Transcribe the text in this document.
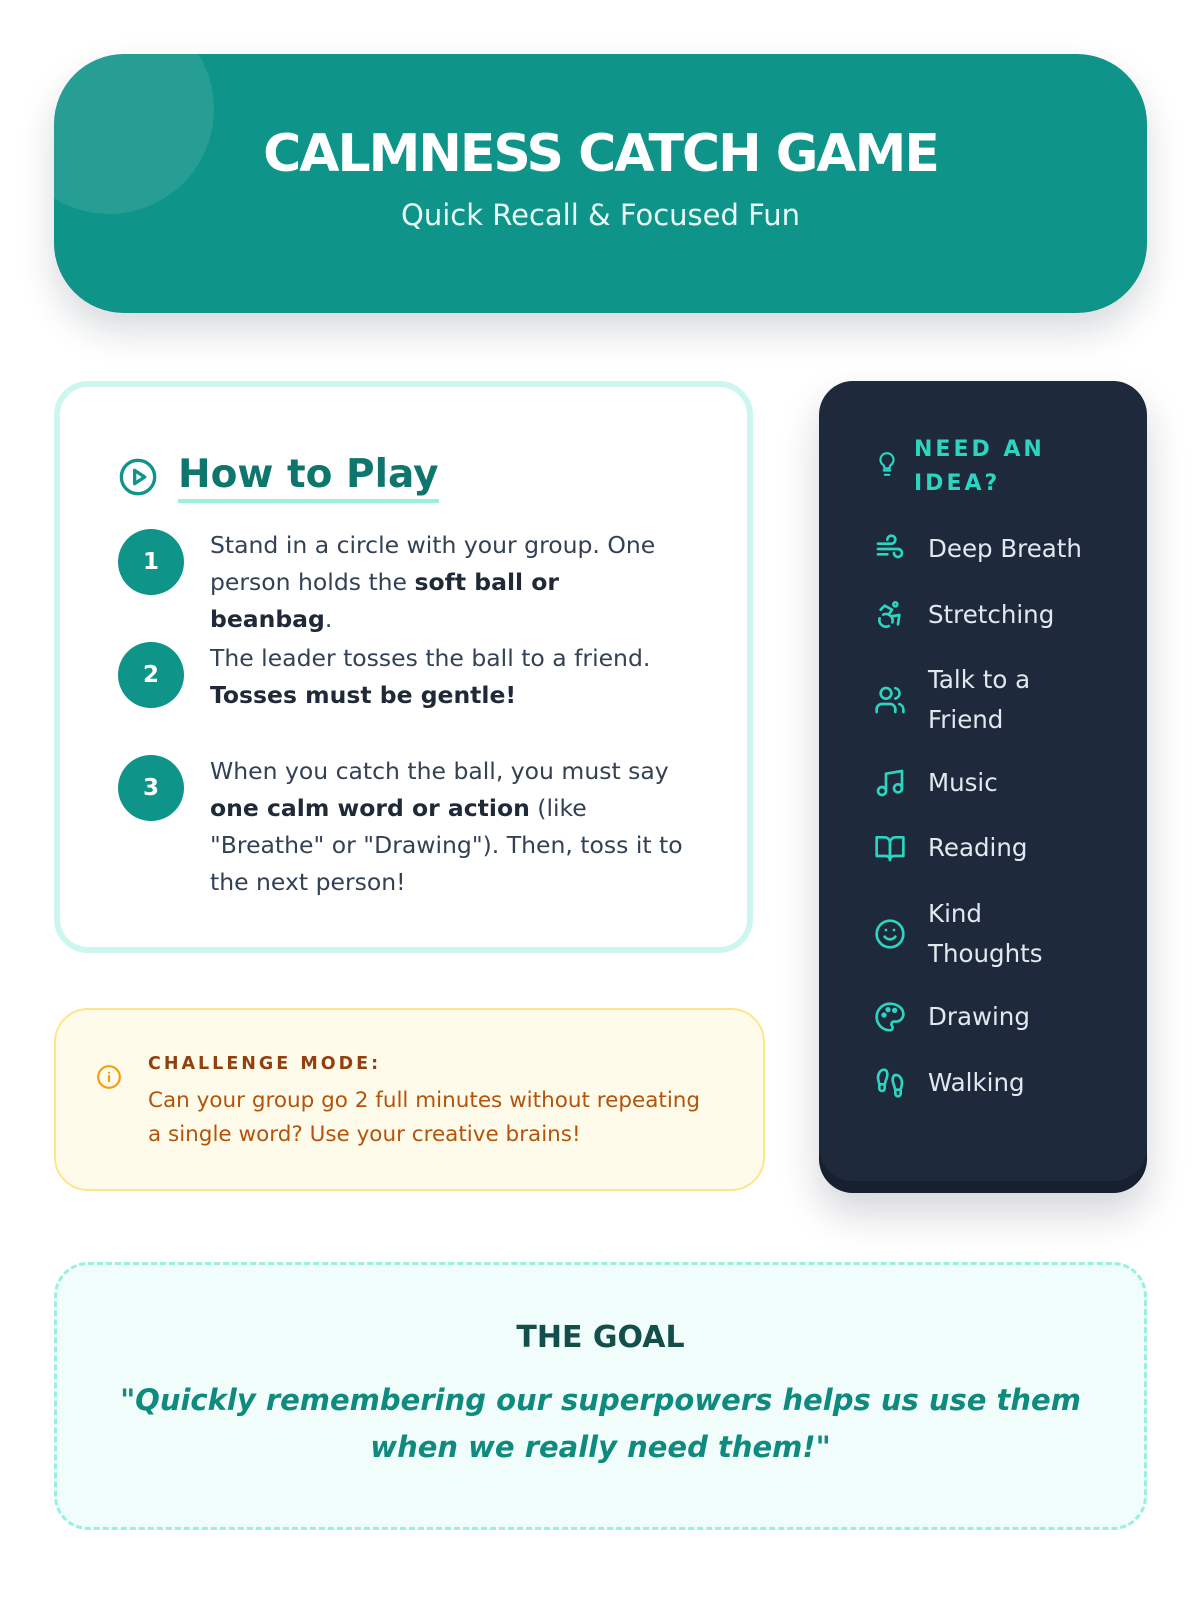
CALMNESS CATCH GAME
Quick Recall & Focused Fun
How to Play
1
Stand in a circle with your group. One person holds the soft ball or beanbag.
2
The leader tosses the ball to a friend. Tosses must be gentle!
3
When you catch the ball, you must say one calm word or action (like "Breathe" or "Drawing"). Then, toss it to the next person!
CHALLENGE MODE:
Can your group go 2 full minutes without repeating a single word? Use your creative brains!
NEED AN IDEA?
Deep Breath
Stretching
Talk to a Friend
Music
Reading
Kind Thoughts
Drawing
Walking
THE GOAL
"Quickly remembering our superpowers helps us use them when we really need them!"
